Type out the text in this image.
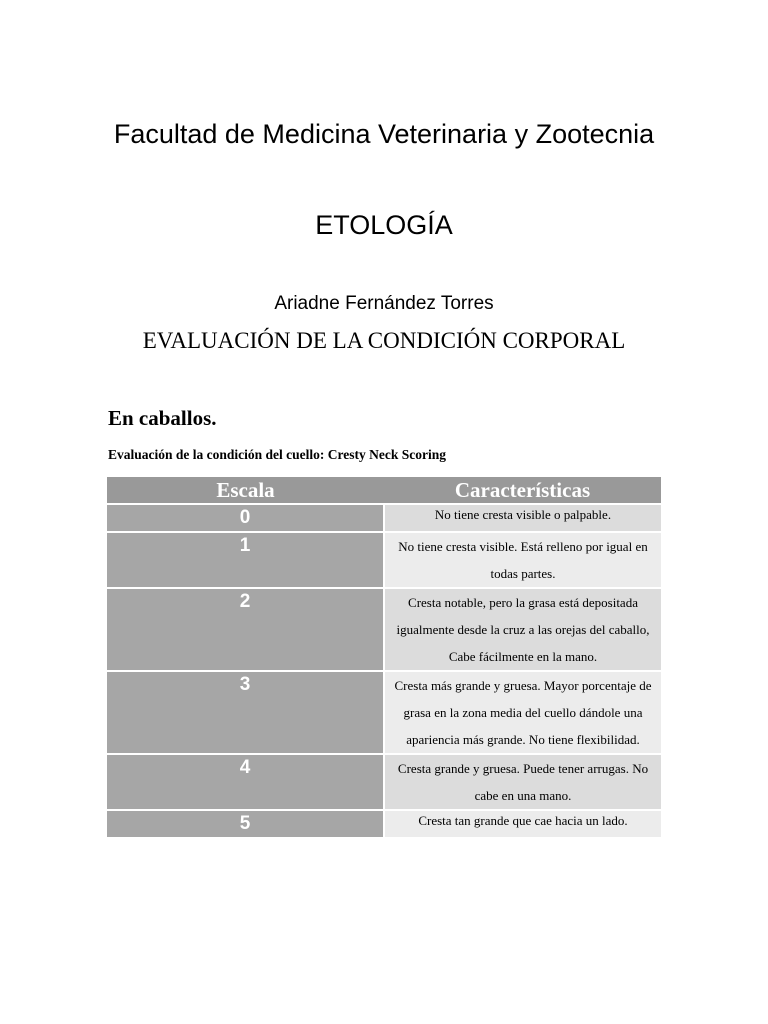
Facultad de Medicina Veterinaria y Zootecnia
ETOLOGÍA
Ariadne Fernández Torres
EVALUACIÓN DE LA CONDICIÓN CORPORAL
En caballos.
Evaluación de la condición del cuello: Cresty Neck Scoring
Escala	Características
0	No tiene cresta visible o palpable.
1	No tiene cresta visible. Está relleno por igual en todas partes.
2	Cresta notable, pero la grasa está depositada igualmente desde la cruz a las orejas del caballo, Cabe fácilmente en la mano.
3	Cresta más grande y gruesa. Mayor porcentaje de grasa en la zona media del cuello dándole una apariencia más grande. No tiene flexibilidad.
4	Cresta grande y gruesa. Puede tener arrugas. No cabe en una mano.
5	Cresta tan grande que cae hacia un lado.
